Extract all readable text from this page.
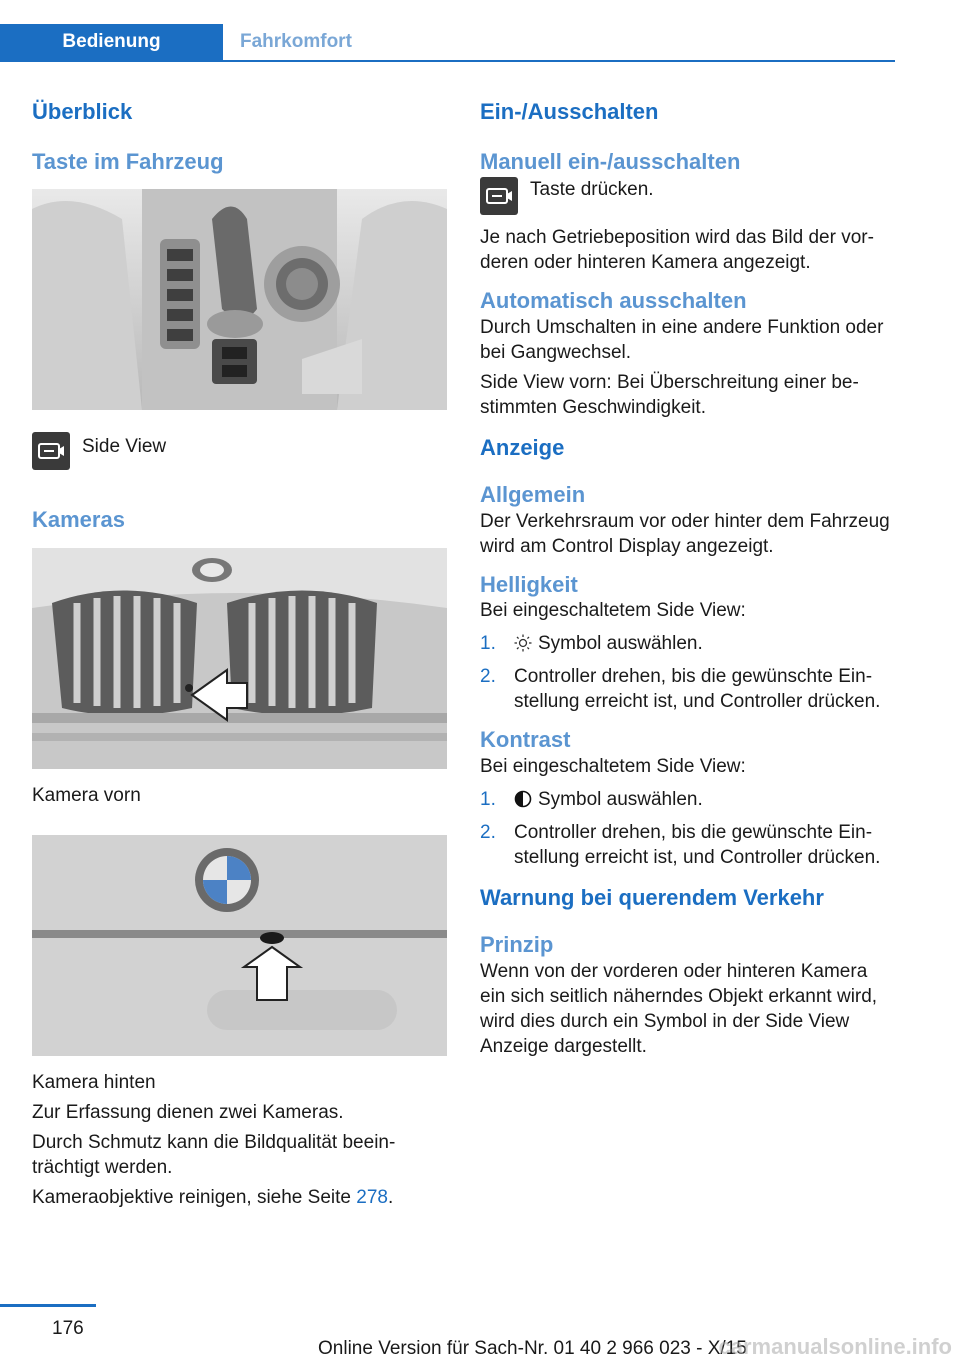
Bedienung	Fahrkomfort
Überblick
Taste im Fahrzeug
Side View
Kameras

Kamera vorn

Kamera hinten

Zur Erfassung dienen zwei Kameras.

Durch Schmutz kann die Bildqualität beeinträchtigt werden.

Kameraobjektive reinigen, siehe Seite 278.

Ein-/Ausschalten
Manuell ein-/ausschalten
Taste drücken.

Je nach Getriebeposition wird das Bild der vorderen oder hinteren Kamera angezeigt.

Automatisch ausschalten

Durch Umschalten in eine andere Funktion oder bei Gangwechsel.

Side View vorn: Bei Überschreitung einer bestimmten Geschwindigkeit.

Anzeige
Allgemein

Der Verkehrsraum vor oder hinter dem Fahrzeug wird am Control Display angezeigt.

Helligkeit

Bei eingeschaltetem Side View:

1.	Symbol auswählen.
2. Controller drehen, bis die gewünschte Einstellung erreicht ist, und Controller drücken.
Kontrast

Bei eingeschaltetem Side View:

1.	Symbol auswählen.
2. Controller drehen, bis die gewünschte Einstellung erreicht ist, und Controller drücken.
Warnung bei querendem Verkehr
Prinzip

Wenn von der vorderen oder hinteren Kamera ein sich seitlich näherndes Objekt erkannt wird, wird dies durch ein Symbol in der Side View Anzeige dargestellt.

176
Online Version für Sach-Nr. 01 40 2 966 023 - X/15
carmanualsonline.info
